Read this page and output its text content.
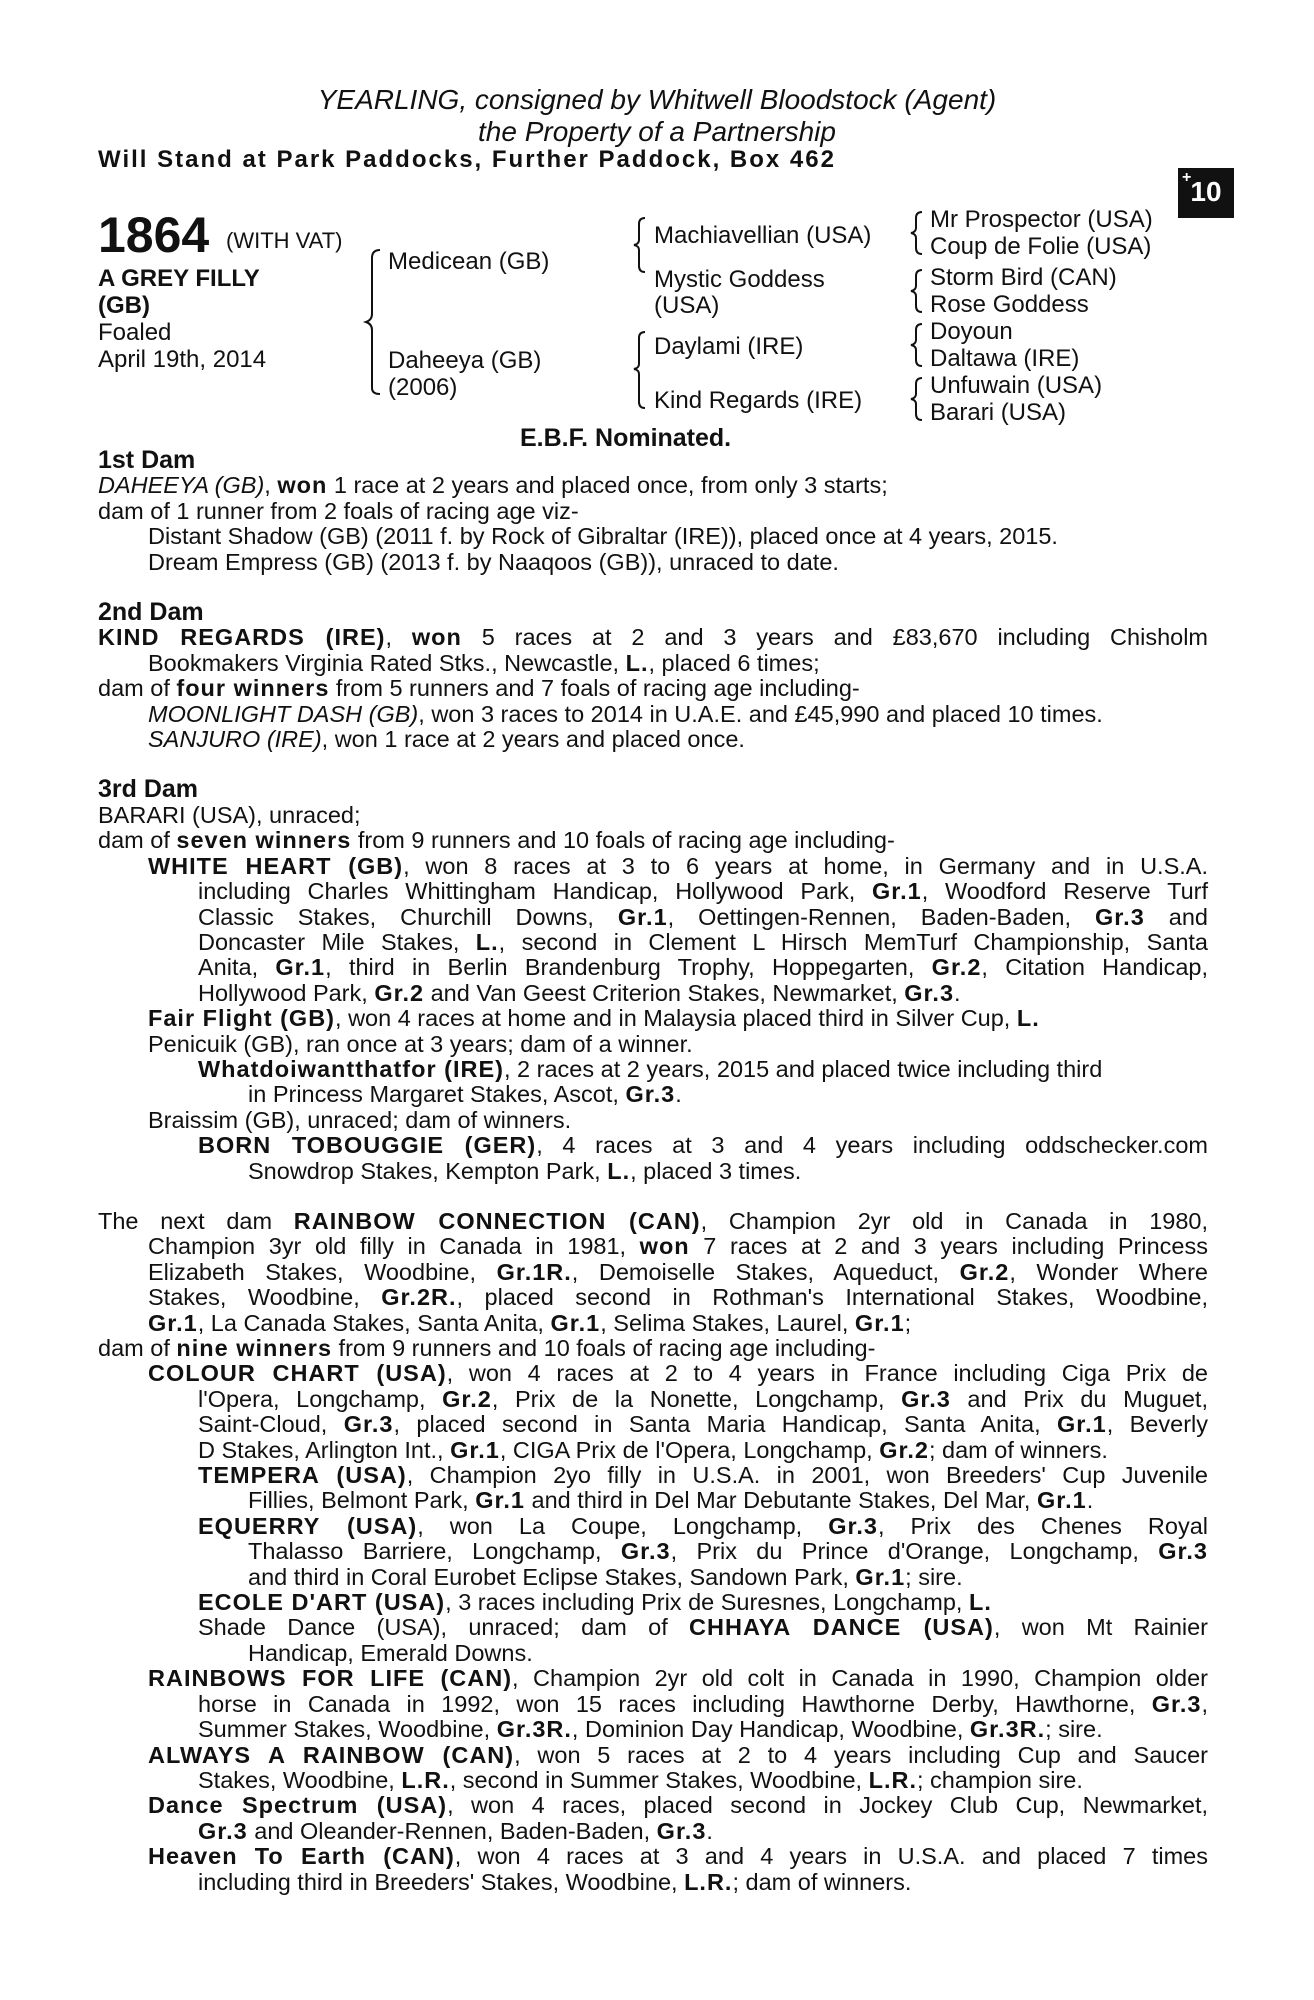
YEARLING, consigned by Whitwell Bloodstock (Agent)
the Property of a Partnership
Will Stand at Park Paddocks, Further Paddock, Box 462
+ 10
1864 (WITH VAT)
A GREY FILLY
(GB)
Foaled
April 19th, 2014
Medicean (GB)
Daheeya (GB)
(2006)
Machiavellian (USA)
Mystic Goddess
(USA)
Daylami (IRE)
Kind Regards (IRE)
Mr Prospector (USA)
Coup de Folie (USA)
Storm Bird (CAN)
Rose Goddess
Doyoun
Daltawa (IRE)
Unfuwain (USA)
Barari (USA)
E.B.F. Nominated.
1st Dam
DAHEEYA (GB), won 1 race at 2 years and placed once, from only 3 starts;
dam of 1 runner from 2 foals of racing age viz-
Distant Shadow (GB) (2011 f. by Rock of Gibraltar (IRE)), placed once at 4 years, 2015.
Dream Empress (GB) (2013 f. by Naaqoos (GB)), unraced to date.
2nd Dam
KIND REGARDS (IRE), won 5 races at 2 and 3 years and £83,670 including Chisholm
Bookmakers Virginia Rated Stks., Newcastle, L., placed 6 times;
dam of four winners from 5 runners and 7 foals of racing age including-
MOONLIGHT DASH (GB), won 3 races to 2014 in U.A.E. and £45,990 and placed 10 times.
SANJURO (IRE), won 1 race at 2 years and placed once.
3rd Dam
BARARI (USA), unraced;
dam of seven winners from 9 runners and 10 foals of racing age including-
WHITE HEART (GB), won 8 races at 3 to 6 years at home, in Germany and in U.S.A.
including Charles Whittingham Handicap, Hollywood Park, Gr.1, Woodford Reserve Turf
Classic Stakes, Churchill Downs, Gr.1, Oettingen-Rennen, Baden-Baden, Gr.3 and
Doncaster Mile Stakes, L., second in Clement L Hirsch MemTurf Championship, Santa
Anita, Gr.1, third in Berlin Brandenburg Trophy, Hoppegarten, Gr.2, Citation Handicap,
Hollywood Park, Gr.2 and Van Geest Criterion Stakes, Newmarket, Gr.3.
Fair Flight (GB), won 4 races at home and in Malaysia placed third in Silver Cup, L.
Penicuik (GB), ran once at 3 years; dam of a winner.
Whatdoiwantthatfor (IRE), 2 races at 2 years, 2015 and placed twice including third
in Princess Margaret Stakes, Ascot, Gr.3.
Braissim (GB), unraced; dam of winners.
BORN TOBOUGGIE (GER), 4 races at 3 and 4 years including oddschecker.com
Snowdrop Stakes, Kempton Park, L., placed 3 times.
The next dam RAINBOW CONNECTION (CAN), Champion 2yr old in Canada in 1980,
Champion 3yr old filly in Canada in 1981, won 7 races at 2 and 3 years including Princess
Elizabeth Stakes, Woodbine, Gr.1R., Demoiselle Stakes, Aqueduct, Gr.2, Wonder Where
Stakes, Woodbine, Gr.2R., placed second in Rothman's International Stakes, Woodbine,
Gr.1, La Canada Stakes, Santa Anita, Gr.1, Selima Stakes, Laurel, Gr.1;
dam of nine winners from 9 runners and 10 foals of racing age including-
COLOUR CHART (USA), won 4 races at 2 to 4 years in France including Ciga Prix de
l'Opera, Longchamp, Gr.2, Prix de la Nonette, Longchamp, Gr.3 and Prix du Muguet,
Saint-Cloud, Gr.3, placed second in Santa Maria Handicap, Santa Anita, Gr.1, Beverly
D Stakes, Arlington Int., Gr.1, CIGA Prix de l'Opera, Longchamp, Gr.2; dam of winners.
TEMPERA (USA), Champion 2yo filly in U.S.A. in 2001, won Breeders' Cup Juvenile
Fillies, Belmont Park, Gr.1 and third in Del Mar Debutante Stakes, Del Mar, Gr.1.
EQUERRY (USA), won La Coupe, Longchamp, Gr.3, Prix des Chenes Royal
Thalasso Barriere, Longchamp, Gr.3, Prix du Prince d'Orange, Longchamp, Gr.3
and third in Coral Eurobet Eclipse Stakes, Sandown Park, Gr.1; sire.
ECOLE D'ART (USA), 3 races including Prix de Suresnes, Longchamp, L.
Shade Dance (USA), unraced; dam of CHHAYA DANCE (USA), won Mt Rainier
Handicap, Emerald Downs.
RAINBOWS FOR LIFE (CAN), Champion 2yr old colt in Canada in 1990, Champion older
horse in Canada in 1992, won 15 races including Hawthorne Derby, Hawthorne, Gr.3,
Summer Stakes, Woodbine, Gr.3R., Dominion Day Handicap, Woodbine, Gr.3R.; sire.
ALWAYS A RAINBOW (CAN), won 5 races at 2 to 4 years including Cup and Saucer
Stakes, Woodbine, L.R., second in Summer Stakes, Woodbine, L.R.; champion sire.
Dance Spectrum (USA), won 4 races, placed second in Jockey Club Cup, Newmarket,
Gr.3 and Oleander-Rennen, Baden-Baden, Gr.3.
Heaven To Earth (CAN), won 4 races at 3 and 4 years in U.S.A. and placed 7 times
including third in Breeders' Stakes, Woodbine, L.R.; dam of winners.
